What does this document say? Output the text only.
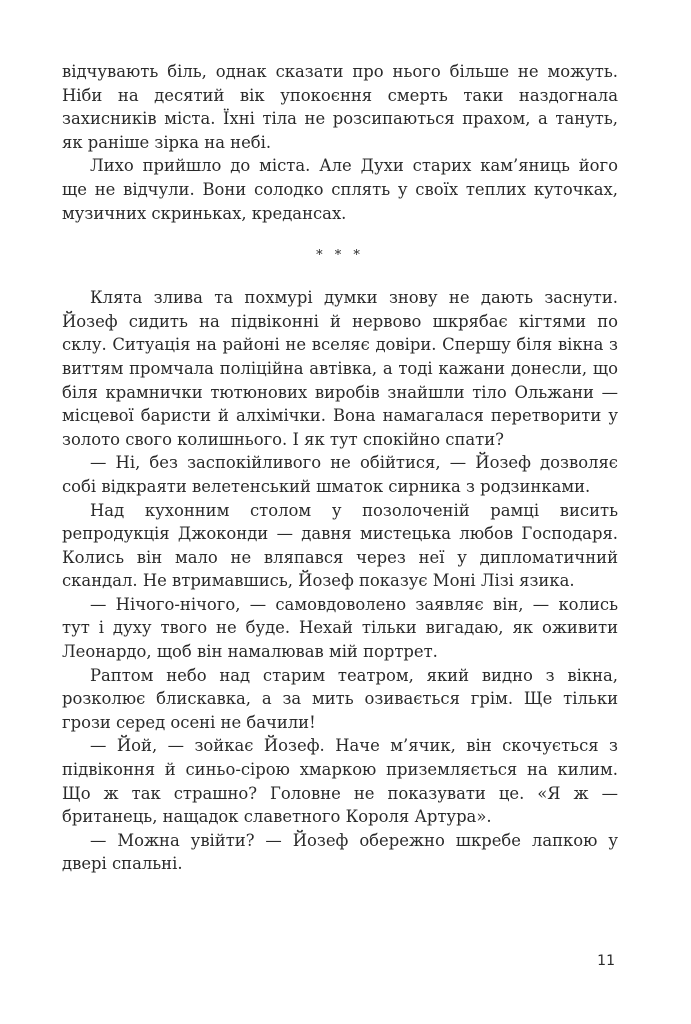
відчувають біль, однак сказати про нього більше не можуть. Ніби на десятий вік упокоєння смерть таки наздогнала захисників міста. Їхні тіла не розсипаються прахом, а тануть, як раніше зірка на небі.

Лихо прийшло до міста. Але Духи старих кам’яниць його ще не відчули. Вони солодко сплять у своїх теплих куточках, музичних скриньках, кредансах.

* * *

Клята злива та похмурі думки знову не дають заснути. Йозеф сидить на підвіконні й нервово шкрябає кігтями по склу. Ситуація на районі не вселяє довіри. Спершу біля вікна з виттям промчала поліційна автівка, а тоді кажани донесли, що біля крамнички тютюнових виробів знайшли тіло Ольжани — місцевої баристи й алхімічки. Вона намагалася перетворити у золото свого колишнього. І як тут спокійно спати?

— Ні, без заспокійливого не обійтися, — Йозеф дозволяє собі відкраяти велетенський шматок сирника з родзинками.

Над кухонним столом у позолоченій рамці висить репродукція Джоконди — давня мистецька любов Господаря. Колись він мало не вляпався через неї у дипломатичний скандал. Не втримавшись, Йозеф показує Моні Лізі язика.

— Нічого-нічого, — самовдоволено заявляє він, — колись тут і духу твого не буде. Нехай тільки вигадаю, як оживити Леонардо, щоб він намалював мій портрет.

Раптом небо над старим театром, який видно з вікна, розколює блискавка, а за мить озивається грім. Ще тільки грози серед осені не бачили!

— Йой, — зойкає Йозеф. Наче м’ячик, він скочується з підвіконня й синьо-сірою хмаркою приземляється на килим. Що ж так страшно? Головне не показувати це. «Я ж — британець, нащадок славетного Короля Артура».

— Можна увійти? — Йозеф обережно шкребе лапкою у двері спальні.

11
